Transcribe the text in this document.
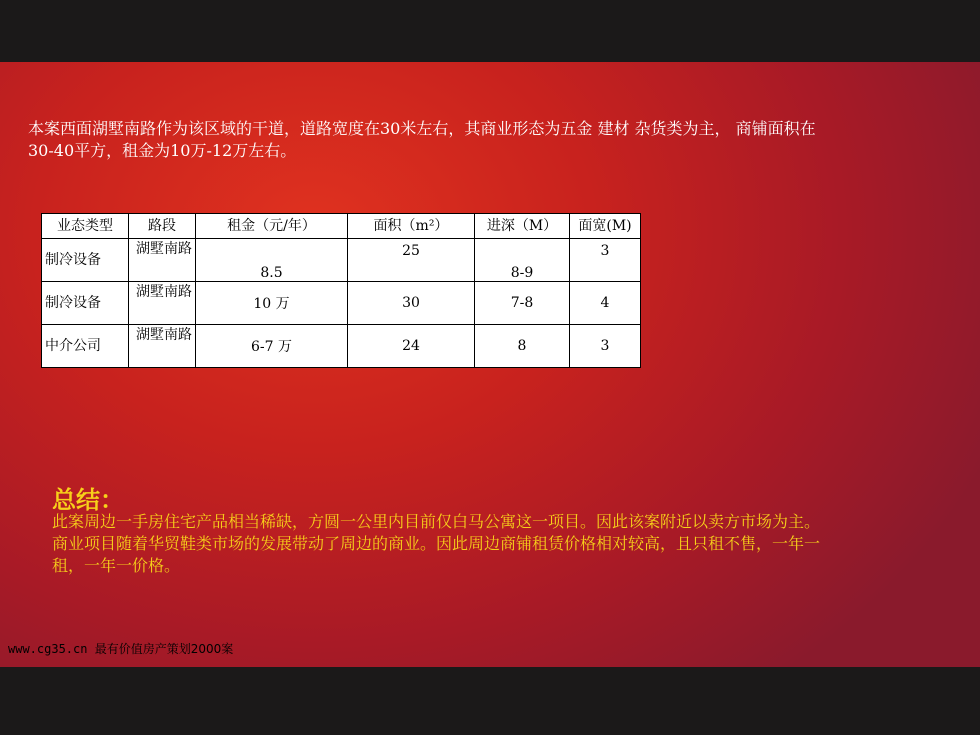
本案西面湖墅南路作为该区域的干道，道路宽度在30米左右，其商业形态为五金 建材 杂货类为主， 商铺面积在30-40平方，租金为10万-12万左右。
业态类型	路段	租金（元/年）	面积（m²）	进深（M）	面宽(M)
制冷设备	湖墅南路	8.5	25	8-9	3
制冷设备	湖墅南路	10 万	30	7-8	4
中介公司	湖墅南路	6-7 万	24	8	3
总结：
此案周边一手房住宅产品相当稀缺，方圆一公里内目前仅白马公寓这一项目。因此该案附近以卖方市场为主。商业项目随着华贸鞋类市场的发展带动了周边的商业。因此周边商铺租赁价格相对较高，且只租不售，一年一租，一年一价格。
www.cg35.cn 最有价值房产策划2000案
